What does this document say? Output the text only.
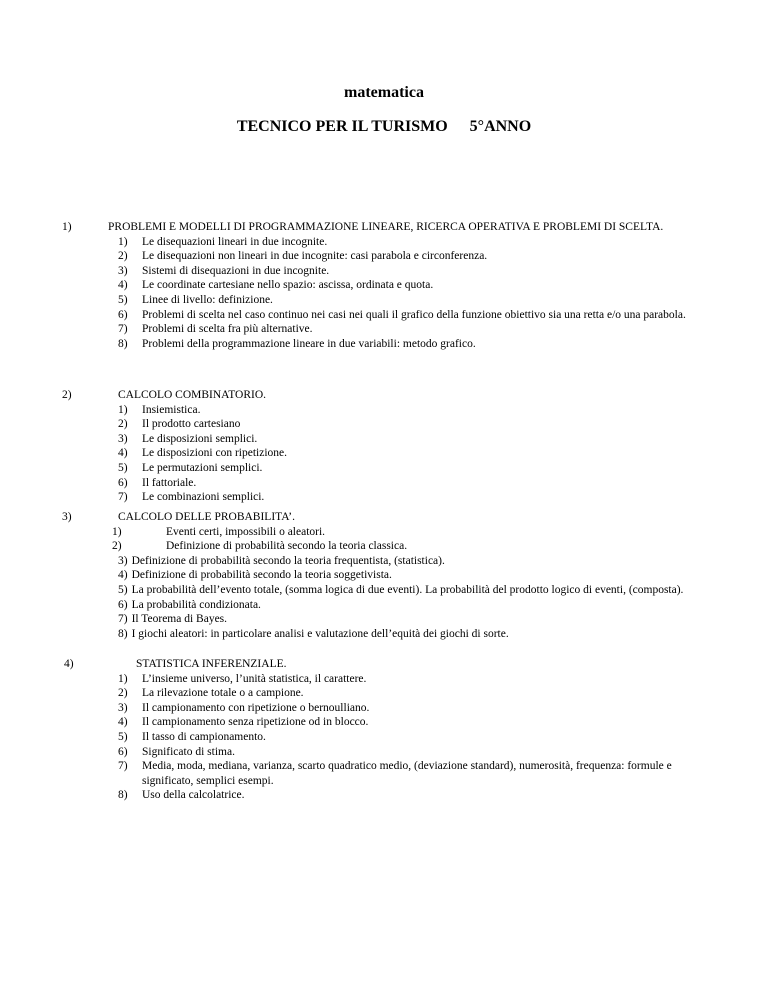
matematica
TECNICO PER IL TURISMO 5°ANNO
1)	PROBLEMI E MODELLI DI PROGRAMMAZIONE LINEARE, RICERCA OPERATIVA E PROBLEMI DI SCELTA.
1) Le disequazioni lineari in due incognite.
2) Le disequazioni non lineari in due incognite: casi parabola e circonferenza.
3) Sistemi di disequazioni in due incognite.
4) Le coordinate cartesiane nello spazio: ascissa, ordinata e quota.
5) Linee di livello: definizione.
6) Problemi di scelta nel caso continuo nei casi nei quali il grafico della funzione obiettivo sia una retta e/o una parabola.
7) Problemi di scelta fra più alternative.
8) Problemi della programmazione lineare in due variabili: metodo grafico.
2)	CALCOLO COMBINATORIO.
1) Insiemistica.
2) Il prodotto cartesiano
3) Le disposizioni semplici.
4) Le disposizioni con ripetizione.
5) Le permutazioni semplici.
6) Il fattoriale.
7) Le combinazioni semplici.
3)	CALCOLO DELLE PROBABILITA’.
1)	Eventi certi, impossibili o aleatori.
2)	Definizione di probabilità secondo la teoria classica.
3) Definizione di probabilità secondo la teoria frequentista, (statistica).
4) Definizione di probabilità secondo la teoria soggetivista.
5) La probabilità dell’evento totale, (somma logica di due eventi). La probabilità del prodotto logico di eventi, (composta).
6) La probabilità condizionata.
7) Il Teorema di Bayes.
8) I giochi aleatori: in particolare analisi e valutazione dell’equità dei giochi di sorte.
4)	STATISTICA INFERENZIALE.
1) L’insieme universo, l’unità statistica, il carattere.
2) La rilevazione totale o a campione.
3) Il campionamento con ripetizione o bernoulliano.
4) Il campionamento senza ripetizione od in blocco.
5) Il tasso di campionamento.
6) Significato di stima.
7) Media, moda, mediana, varianza, scarto quadratico medio, (deviazione standard), numerosità, frequenza: formule e significato, semplici esempi.
8) Uso della calcolatrice.
